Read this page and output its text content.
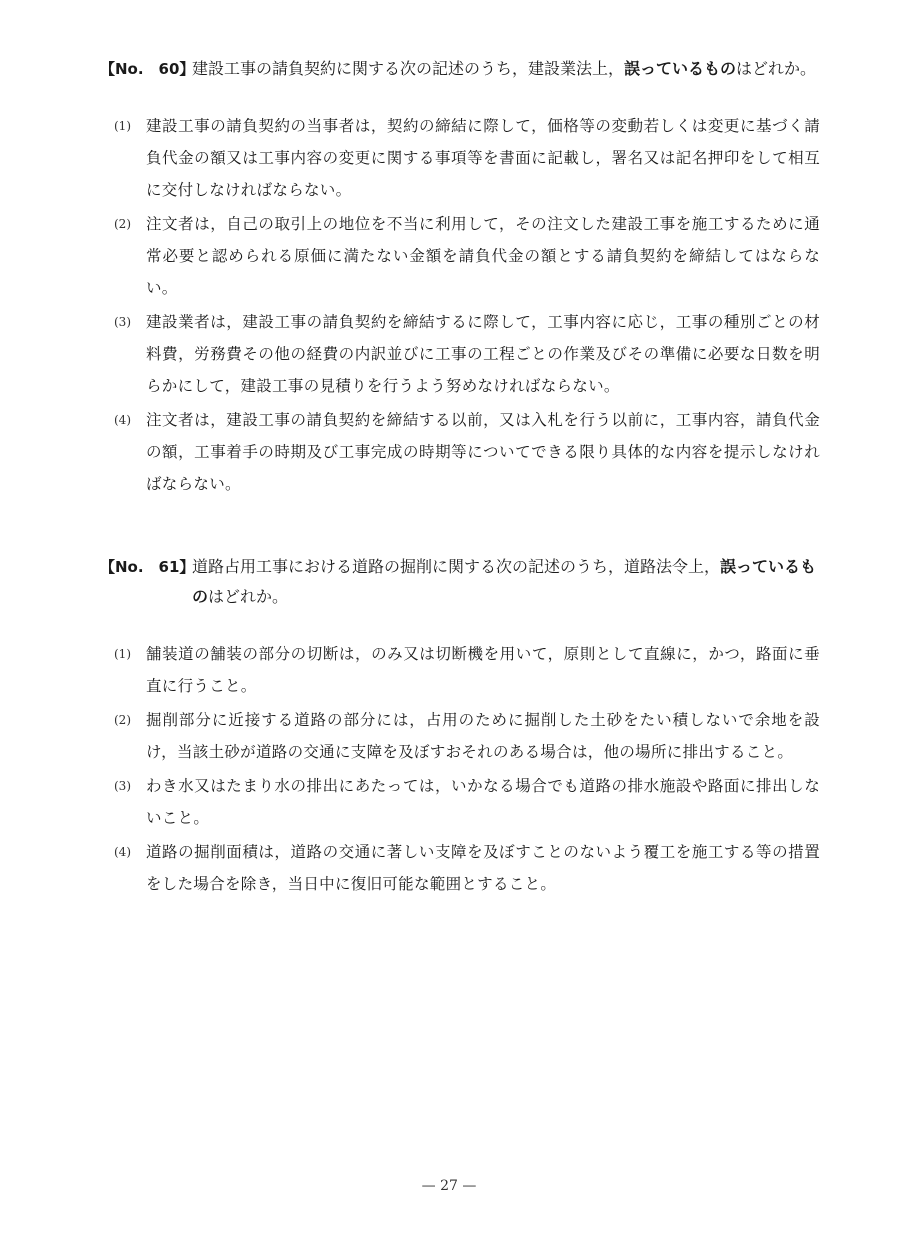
【No.　60】
建設工事の請負契約に関する次の記述のうち，建設業法上，誤っているものはどれか。
(1) 建設工事の請負契約の当事者は，契約の締結に際して，価格等の変動若しくは変更に基づく請負代金の額又は工事内容の変更に関する事項等を書面に記載し，署名又は記名押印をして相互に交付しなければならない。
(2) 注文者は，自己の取引上の地位を不当に利用して，その注文した建設工事を施工するために通常必要と認められる原価に満たない金額を請負代金の額とする請負契約を締結してはならない。
(3) 建設業者は，建設工事の請負契約を締結するに際して，工事内容に応じ，工事の種別ごとの材料費，労務費その他の経費の内訳並びに工事の工程ごとの作業及びその準備に必要な日数を明らかにして，建設工事の見積りを行うよう努めなければならない。
(4) 注文者は，建設工事の請負契約を締結する以前，又は入札を行う以前に，工事内容，請負代金の額，工事着手の時期及び工事完成の時期等についてできる限り具体的な内容を提示しなければならない。
【No.　61】
道路占用工事における道路の掘削に関する次の記述のうち，道路法令上，誤っているものはどれか。
(1) 舗装道の舗装の部分の切断は，のみ又は切断機を用いて，原則として直線に，かつ，路面に垂直に行うこと。
(2) 掘削部分に近接する道路の部分には，占用のために掘削した土砂をたい積しないで余地を設け，当該土砂が道路の交通に支障を及ぼすおそれのある場合は，他の場所に排出すること。
(3) わき水又はたまり水の排出にあたっては，いかなる場合でも道路の排水施設や路面に排出しないこと。
(4) 道路の掘削面積は，道路の交通に著しい支障を及ぼすことのないよう覆工を施工する等の措置をした場合を除き，当日中に復旧可能な範囲とすること。
— 27 —
